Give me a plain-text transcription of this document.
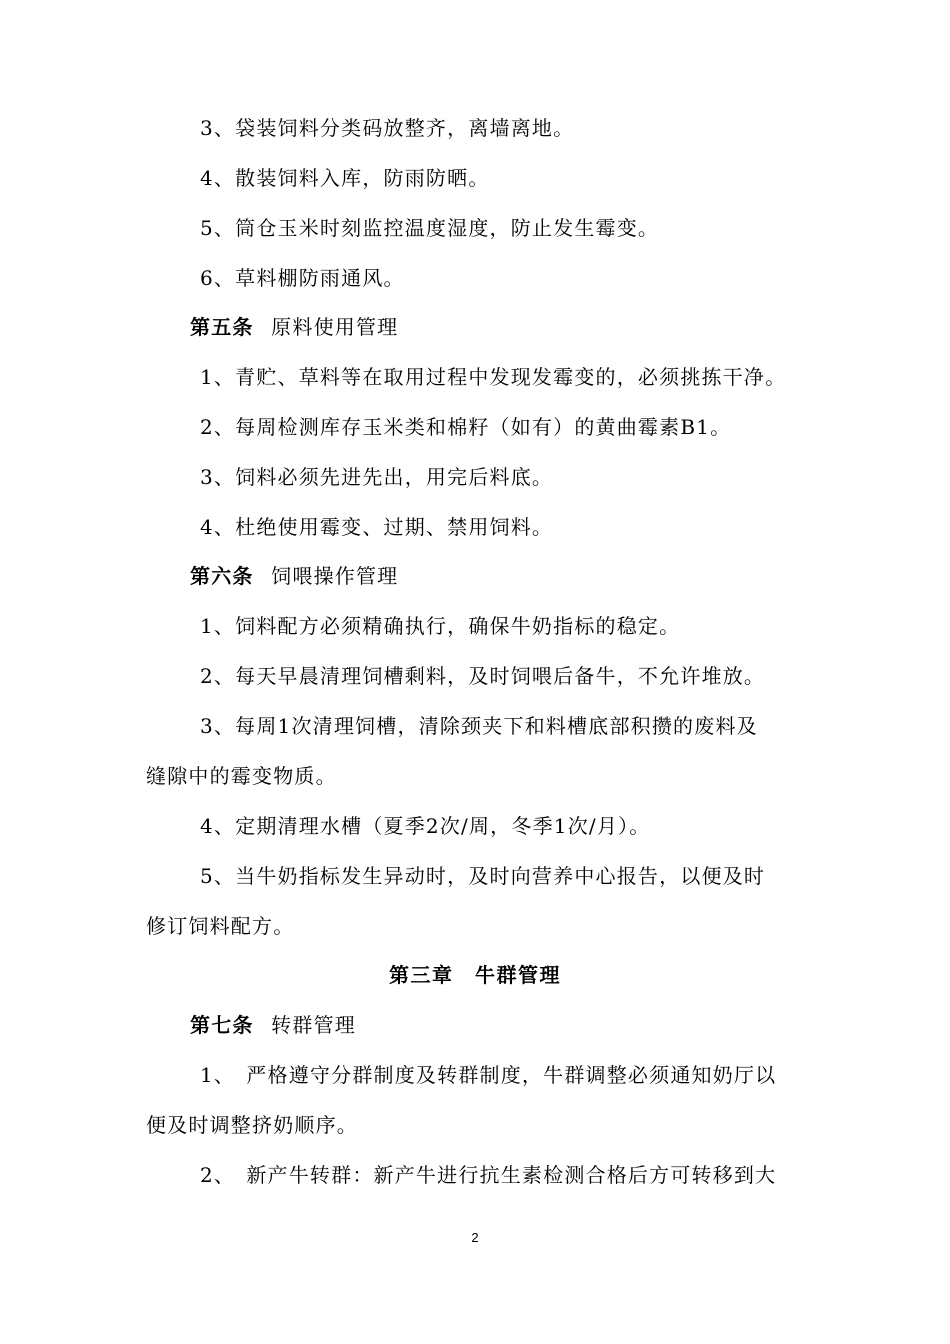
3、袋装饲料分类码放整齐，离墙离地。

4、散装饲料入库，防雨防晒。

5、筒仓玉米时刻监控温度湿度，防止发生霉变。

6、草料棚防雨通风。

第五条 原料使用管理

1、青贮、草料等在取用过程中发现发霉变的，必须挑拣干净。

2、每周检测库存玉米类和棉籽（如有）的黄曲霉素B1。

3、饲料必须先进先出，用完后料底。

4、杜绝使用霉变、过期、禁用饲料。

第六条 饲喂操作管理

1、饲料配方必须精确执行，确保牛奶指标的稳定。

2、每天早晨清理饲槽剩料，及时饲喂后备牛，不允许堆放。

3、每周1次清理饲槽，清除颈夹下和料槽底部积攒的废料及

缝隙中的霉变物质。

4、定期清理水槽（夏季2次/周，冬季1次/月）。

5、当牛奶指标发生异动时，及时向营养中心报告，以便及时

修订饲料配方。

第三章　牛群管理

第七条 转群管理

1、　严格遵守分群制度及转群制度，牛群调整必须通知奶厅以

便及时调整挤奶顺序。

2、　新产牛转群：新产牛进行抗生素检测合格后方可转移到大

2
